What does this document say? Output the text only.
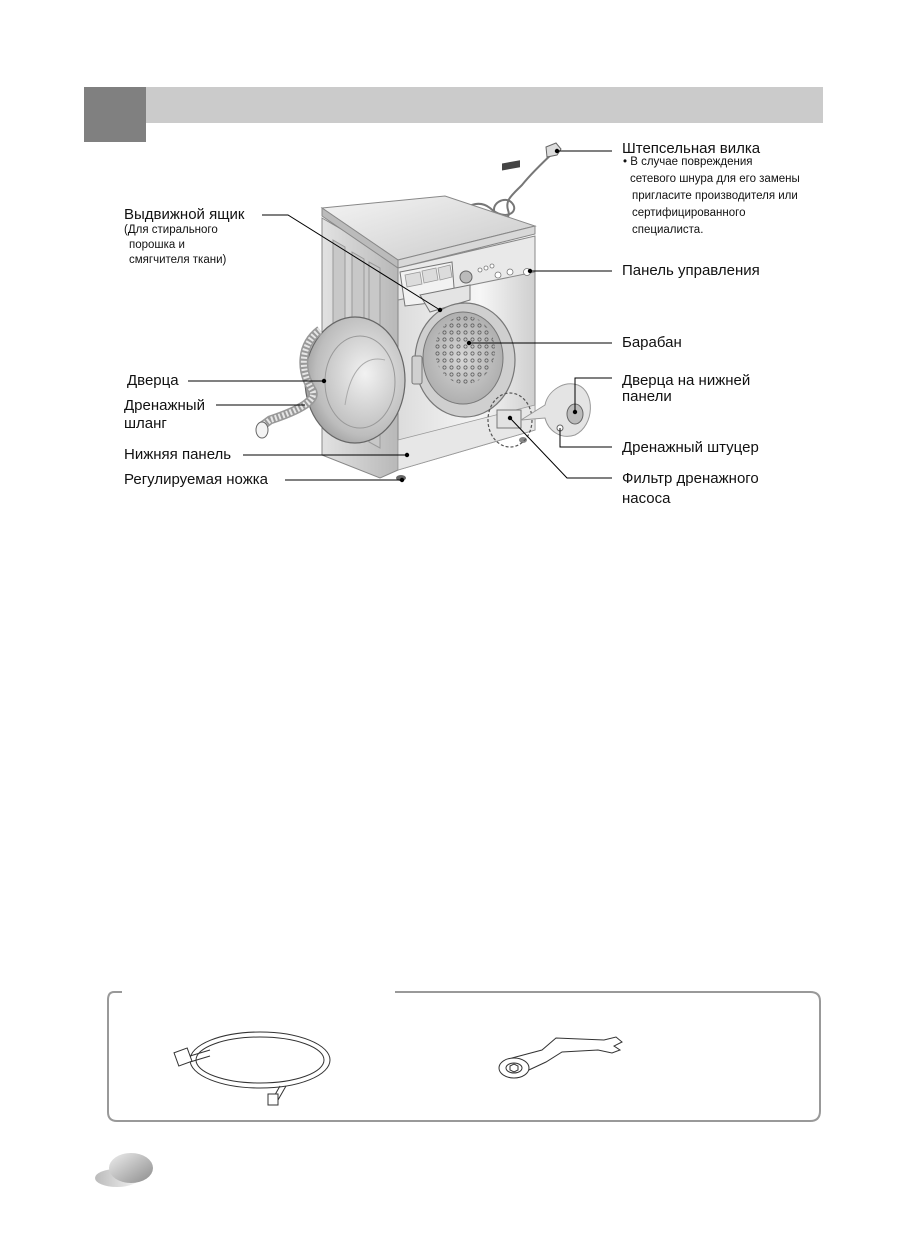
Штепсельная вилка
• В случае повреждения
сетевого шнура для его замены
пригласите производителя или
сертифицированного
специалиста.
Панель управления
Барабан
Дверца на нижней
панели
Дренажный штуцер
Фильтр дренажного
насоса
Выдвижной ящик
(Для стирального
порошка и
смягчителя ткани)
Дверца
Дренажный
шланг
Нижняя панель
Регулируемая ножка
